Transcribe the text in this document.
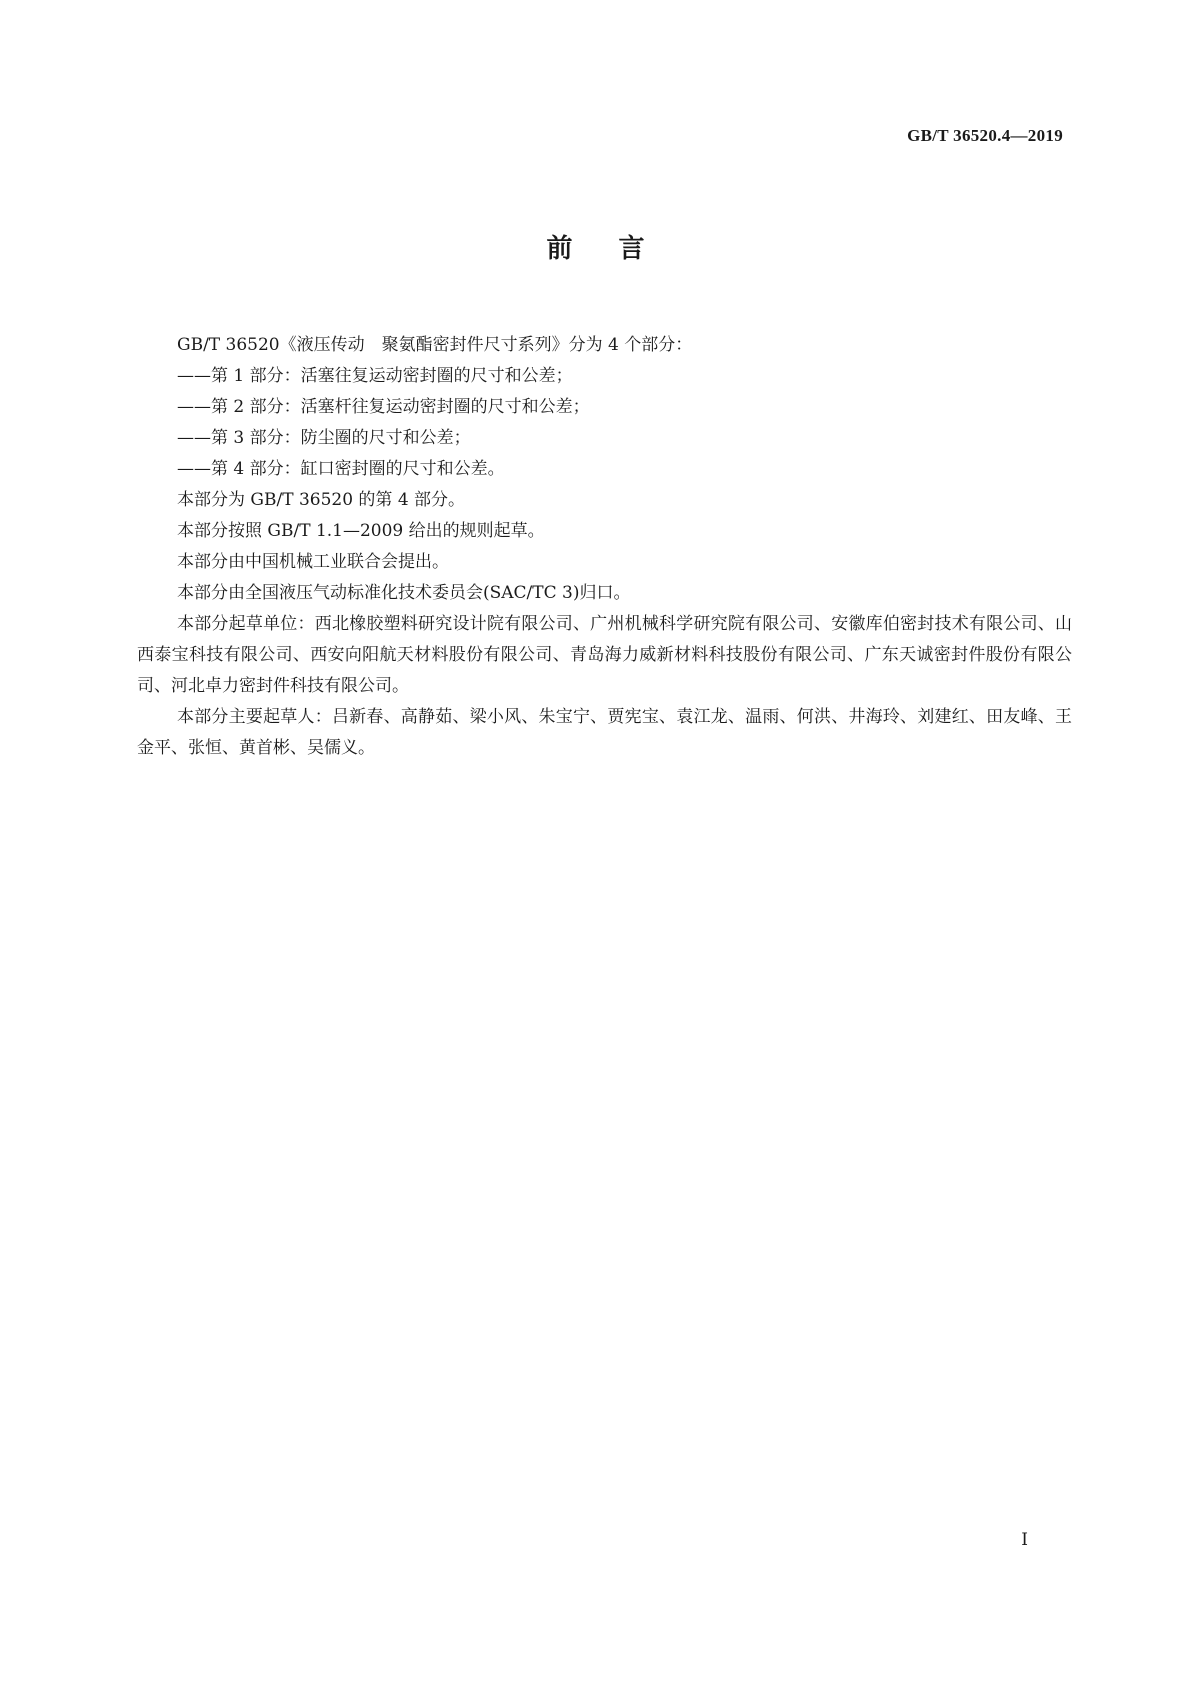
GB/T 36520.4—2019
前言

GB/T 36520《液压传动　聚氨酯密封件尺寸系列》分为 4 个部分：

——第 1 部分：活塞往复运动密封圈的尺寸和公差；

——第 2 部分：活塞杆往复运动密封圈的尺寸和公差；

——第 3 部分：防尘圈的尺寸和公差；

——第 4 部分：缸口密封圈的尺寸和公差。

本部分为 GB/T 36520 的第 4 部分。

本部分按照 GB/T 1.1—2009 给出的规则起草。

本部分由中国机械工业联合会提出。

本部分由全国液压气动标准化技术委员会(SAC/TC 3)归口。

本部分起草单位：西北橡胶塑料研究设计院有限公司、广州机械科学研究院有限公司、安徽库伯密封技术有限公司、山西泰宝科技有限公司、西安向阳航天材料股份有限公司、青岛海力威新材料科技股份有限公司、广东天诚密封件股份有限公司、河北卓力密封件科技有限公司。

本部分主要起草人：吕新春、高静茹、梁小风、朱宝宁、贾宪宝、袁江龙、温雨、何洪、井海玲、刘建红、田友峰、王金平、张恒、黄首彬、吴儒义。

I
